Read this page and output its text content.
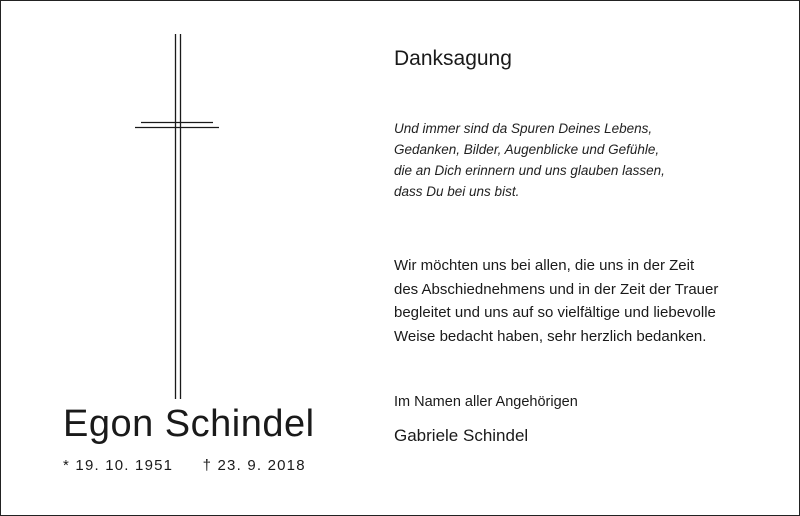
Egon Schindel
* 19. 10. 1951 † 23. 9. 2018
Danksagung
Und immer sind da Spuren Deines Lebens,
Gedanken, Bilder, Augenblicke und Gefühle,
die an Dich erinnern und uns glauben lassen,
dass Du bei uns bist.
Wir möchten uns bei allen, die uns in der Zeit
des Abschiednehmens und in der Zeit der Trauer
begleitet und uns auf so vielfältige und liebevolle
Weise bedacht haben, sehr herzlich bedanken.
Im Namen aller Angehörigen
Gabriele Schindel
